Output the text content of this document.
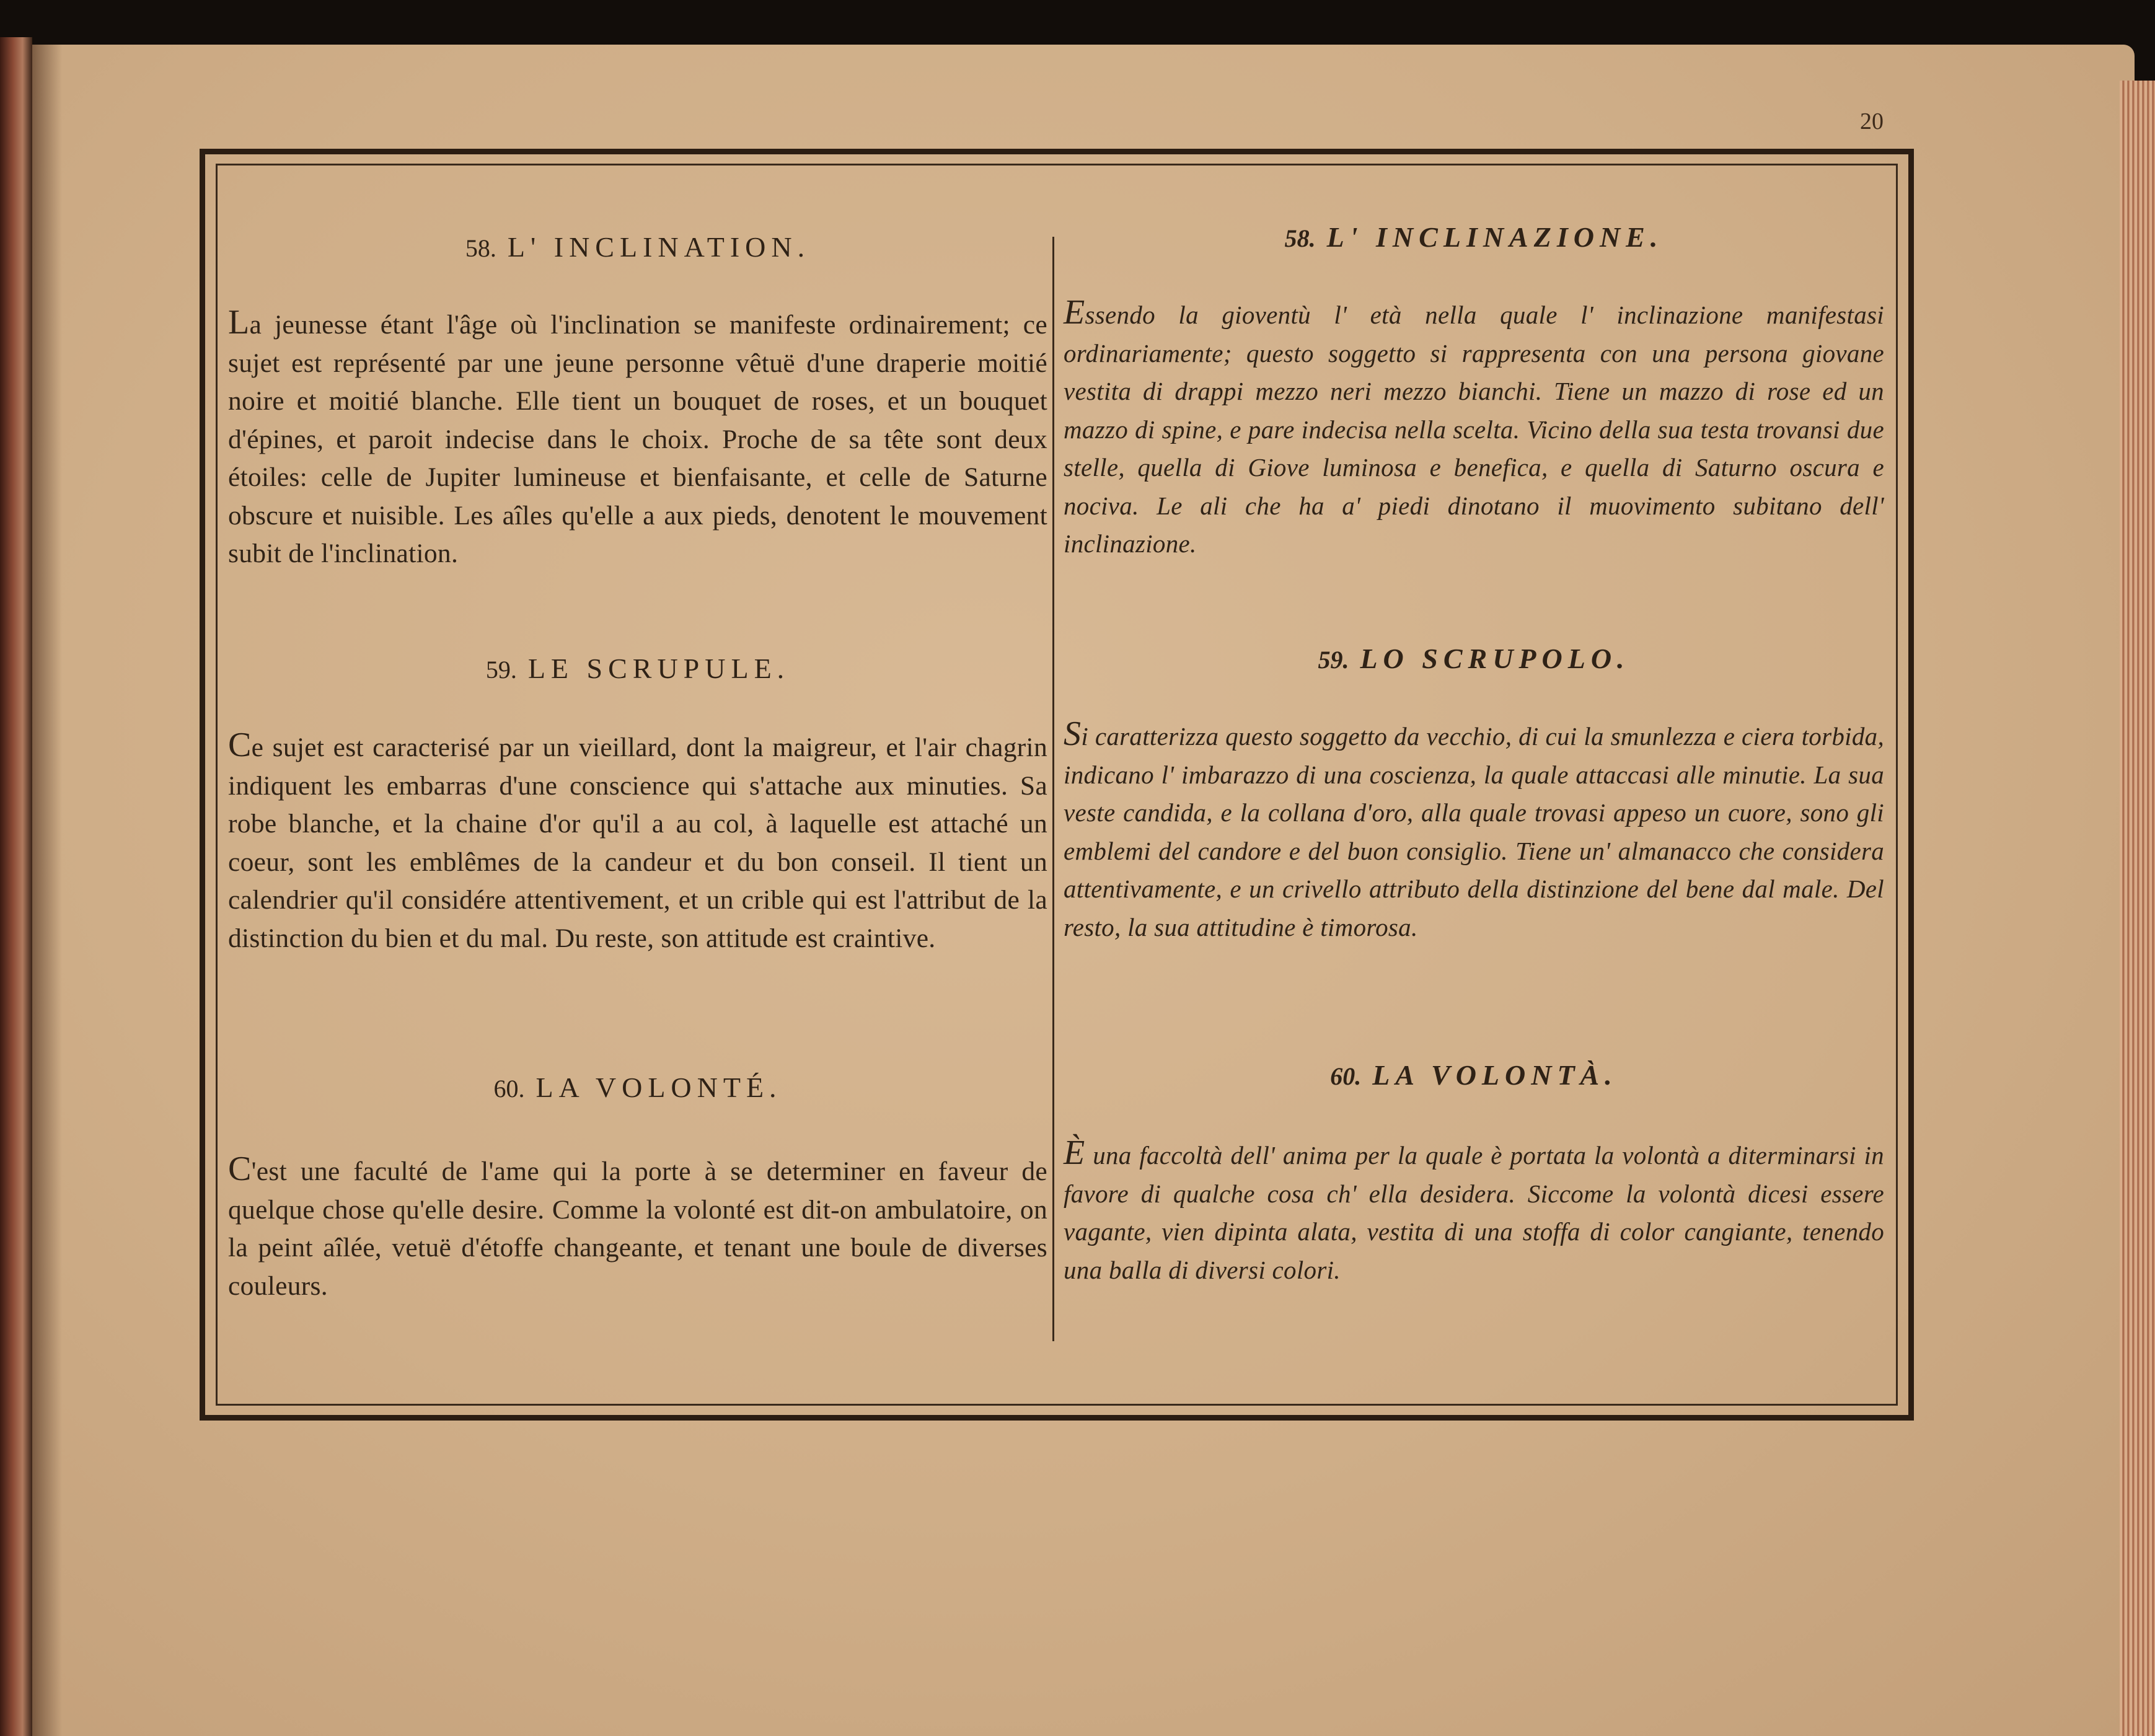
20
58. L' INCLINATION.
La jeunesse étant l'âge où l'inclination se manifeste ordinairement; ce sujet est représenté par une jeune personne vêtuë d'une draperie moitié noire et moitié blanche. Elle tient un bouquet de roses, et un bouquet d'épines, et paroit indecise dans le choix. Proche de sa tête sont deux étoiles: celle de Jupiter lumineuse et bienfaisante, et celle de Saturne obscure et nuisible. Les aîles qu'elle a aux pieds, denotent le mouvement subit de l'inclination.
59. LE SCRUPULE.
Ce sujet est caracterisé par un vieillard, dont la maigreur, et l'air chagrin indiquent les embarras d'une conscience qui s'attache aux minuties. Sa robe blanche, et la chaine d'or qu'il a au col, à laquelle est attaché un coeur, sont les emblêmes de la candeur et du bon conseil. Il tient un calendrier qu'il considére attentivement, et un crible qui est l'attribut de la distinction du bien et du mal. Du reste, son attitude est craintive.
60. LA VOLONTÉ.
C'est une faculté de l'ame qui la porte à se determiner en faveur de quelque chose qu'elle desire. Comme la volonté est dit-on ambulatoire, on la peint aîlée, vetuë d'étoffe changeante, et tenant une boule de diverses couleurs.
58. L' INCLINAZIONE.
Essendo la gioventù l' età nella quale l' inclinazione manifestasi ordinariamente; questo soggetto si rappresenta con una persona giovane vestita di drappi mezzo neri mezzo bianchi. Tiene un mazzo di rose ed un mazzo di spine, e pare indecisa nella scelta. Vicino della sua testa trovansi due stelle, quella di Giove luminosa e benefica, e quella di Saturno oscura e nociva. Le ali che ha a' piedi dinotano il muovimento subitano dell' inclinazione.
59. LO SCRUPOLO.
Si caratterizza questo soggetto da vecchio, di cui la smunlezza e ciera torbida, indicano l' imbarazzo di una coscienza, la quale attaccasi alle minutie. La sua veste candida, e la collana d'oro, alla quale trovasi appeso un cuore, sono gli emblemi del candore e del buon consiglio. Tiene un' almanacco che considera attentivamente, e un crivello attributo della distinzione del bene dal male. Del resto, la sua attitudine è timorosa.
60. LA VOLONTÀ.
È una faccoltà dell' anima per la quale è portata la volontà a diterminarsi in favore di qualche cosa ch' ella desidera. Siccome la volontà dicesi essere vagante, vien dipinta alata, vestita di una stoffa di color cangiante, tenendo una balla di diversi colori.
